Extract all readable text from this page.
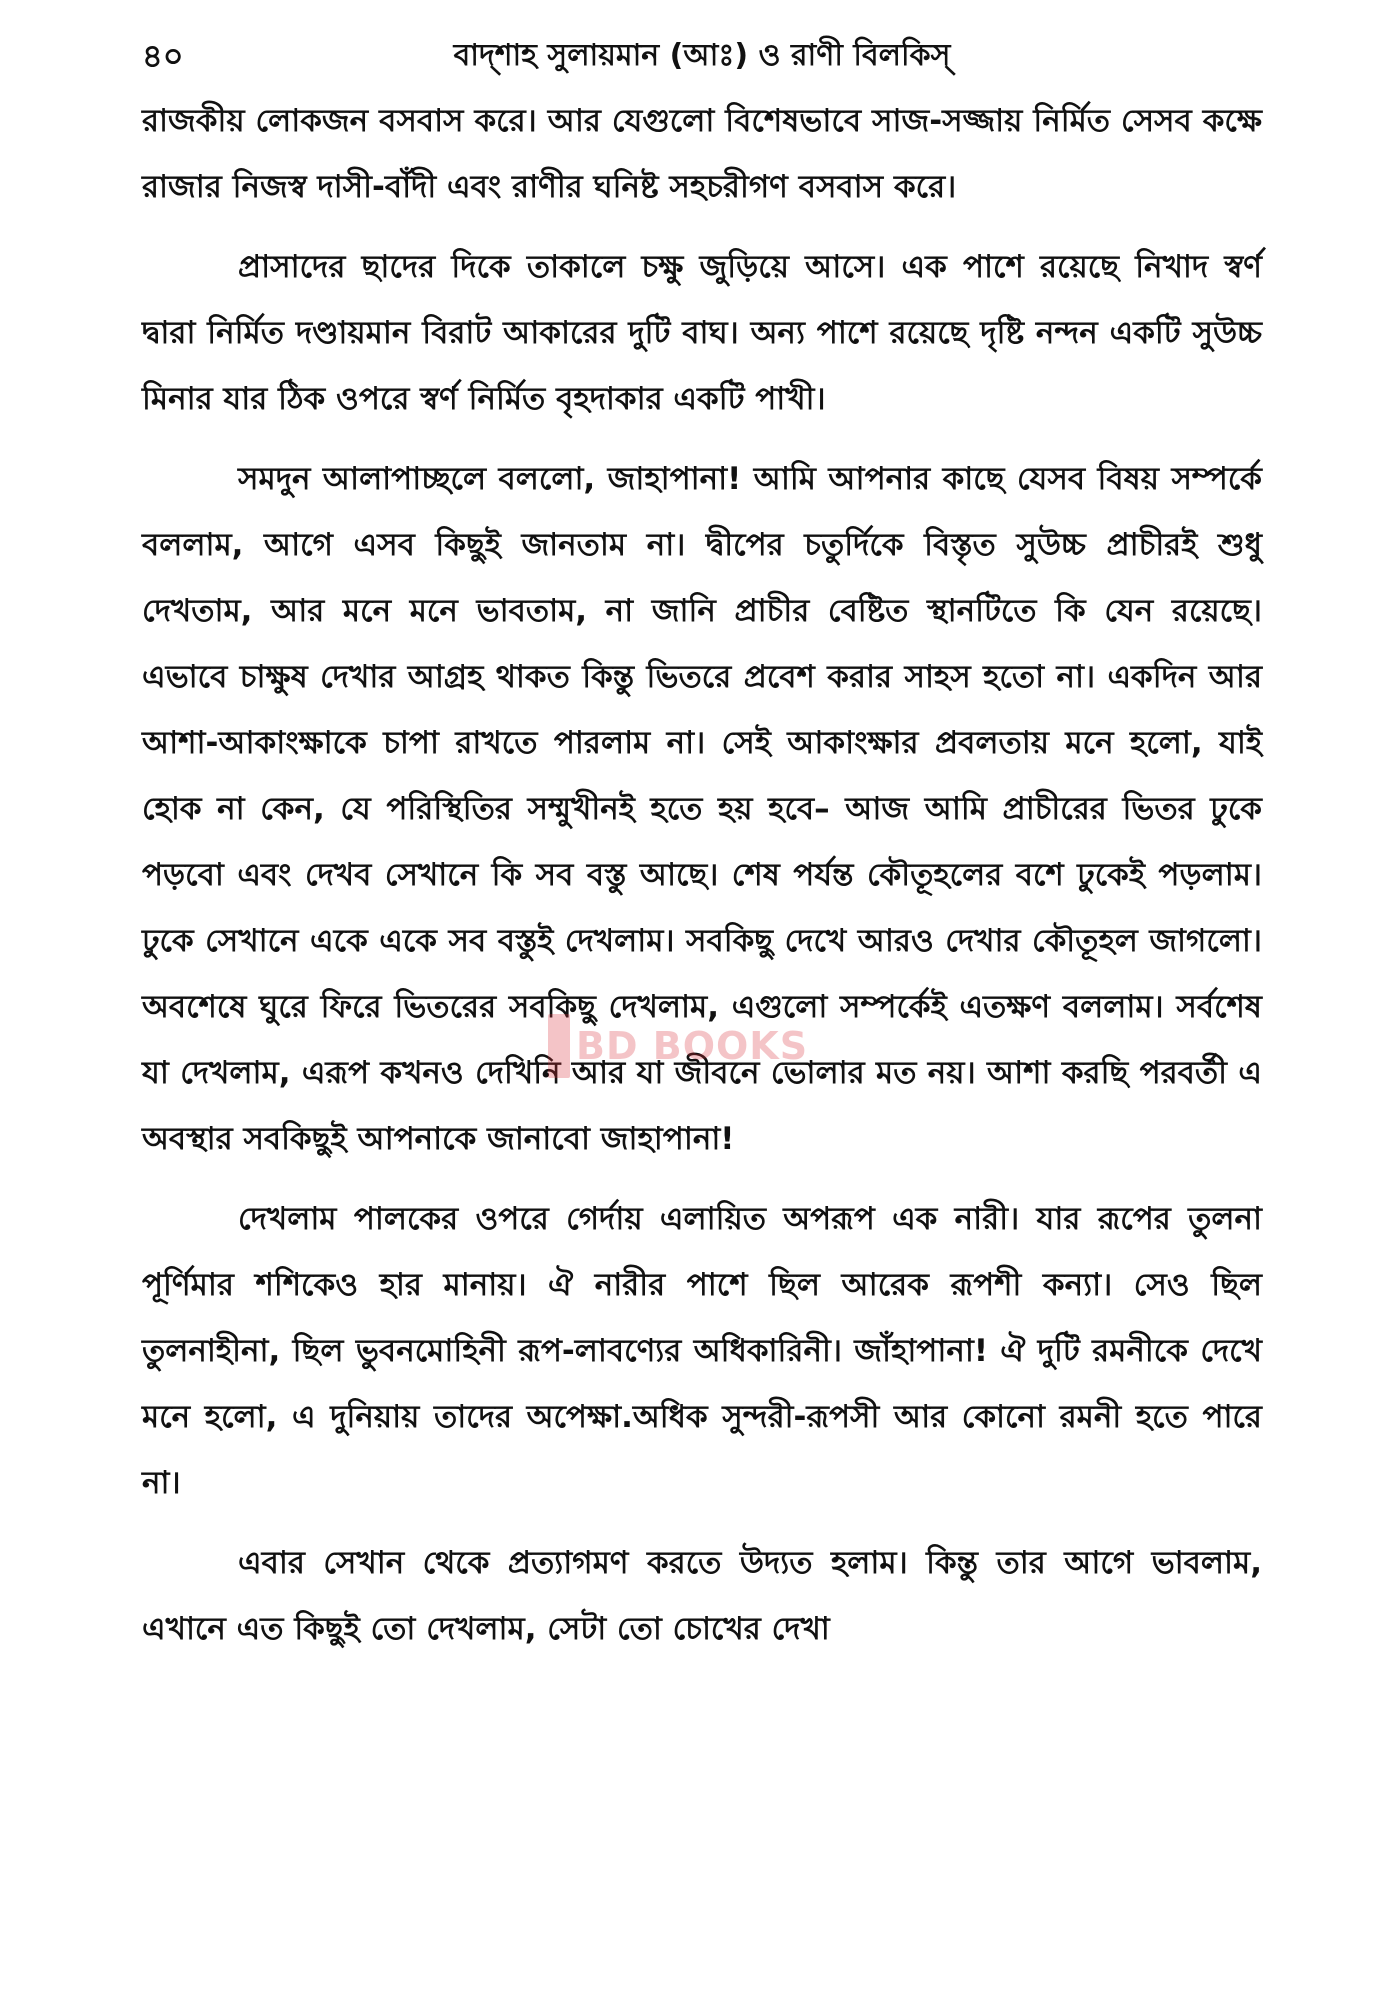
৪০	বাদ্‌শাহ সুলায়মান (আঃ) ও রাণী বিলকিস্‌

রাজকীয় লোকজন বসবাস করে। আর যেগুলো বিশেষভাবে সাজ-সজ্জায় নির্মিত সেসব কক্ষে রাজার নিজস্ব দাসী-বাঁদী এবং রাণীর ঘনিষ্ট সহচরীগণ বসবাস করে।

প্রাসাদের ছাদের দিকে তাকালে চক্ষু জুড়িয়ে আসে। এক পাশে রয়েছে নিখাদ স্বর্ণ দ্বারা নির্মিত দণ্ডায়মান বিরাট আকারের দুটি বাঘ। অন্য পাশে রয়েছে দৃষ্টি নন্দন একটি সুউচ্চ মিনার যার ঠিক ওপরে স্বর্ণ নির্মিত বৃহদাকার একটি পাখী।

সমদুন আলাপাচ্ছলে বললো, জাহাপানা! আমি আপনার কাছে যেসব বিষয় সম্পর্কে বললাম, আগে এসব কিছুই জানতাম না। দ্বীপের চতুর্দিকে বিস্তৃত সুউচ্চ প্রাচীরই শুধু দেখতাম, আর মনে মনে ভাবতাম, না জানি প্রাচীর বেষ্টিত স্থানটিতে কি যেন রয়েছে। এভাবে চাক্ষুষ দেখার আগ্রহ থাকত কিন্তু ভিতরে প্রবেশ করার সাহস হতো না। একদিন আর আশা-আকাংক্ষাকে চাপা রাখতে পারলাম না। সেই আকাংক্ষার প্রবলতায় মনে হলো, যাই হোক না কেন, যে পরিস্থিতির সম্মুখীনই হতে হয় হবে– আজ আমি প্রাচীরের ভিতর ঢুকে পড়বো এবং দেখব সেখানে কি সব বস্তু আছে। শেষ পর্যন্ত কৌতূহলের বশে ঢুকেই পড়লাম। ঢুকে সেখানে একে একে সব বস্তুই দেখলাম। সবকিছু দেখে আরও দেখার কৌতূহল জাগলো। অবশেষে ঘুরে ফিরে ভিতরের সবকিছু দেখলাম, এগুলো সম্পর্কেই এতক্ষণ বললাম। সর্বশেষ যা দেখলাম, এরূপ কখনও দেখিনি আর যা জীবনে ভোলার মত নয়। আশা করছি পরবর্তী এ অবস্থার সবকিছুই আপনাকে জানাবো জাহাপানা!

দেখলাম পালকের ওপরে গের্দায় এলায়িত অপরূপ এক নারী। যার রূপের তুলনা পূর্ণিমার শশিকেও হার মানায়। ঐ নারীর পাশে ছিল আরেক রূপশী কন্যা। সেও ছিল তুলনাহীনা, ছিল ভুবনমোহিনী রূপ-লাবণ্যের অধিকারিনী। জাঁহাপানা! ঐ দুটি রমনীকে দেখে মনে হলো, এ দুনিয়ায় তাদের অপেক্ষা.অধিক সুন্দরী-রূপসী আর কোনো রমনী হতে পারে না।

এবার সেখান থেকে প্রত্যাগমণ করতে উদ্যত হলাম। কিন্তু তার আগে ভাবলাম, এখানে এত কিছুই তো দেখলাম, সেটা তো চোখের দেখা

BD BOOKS
